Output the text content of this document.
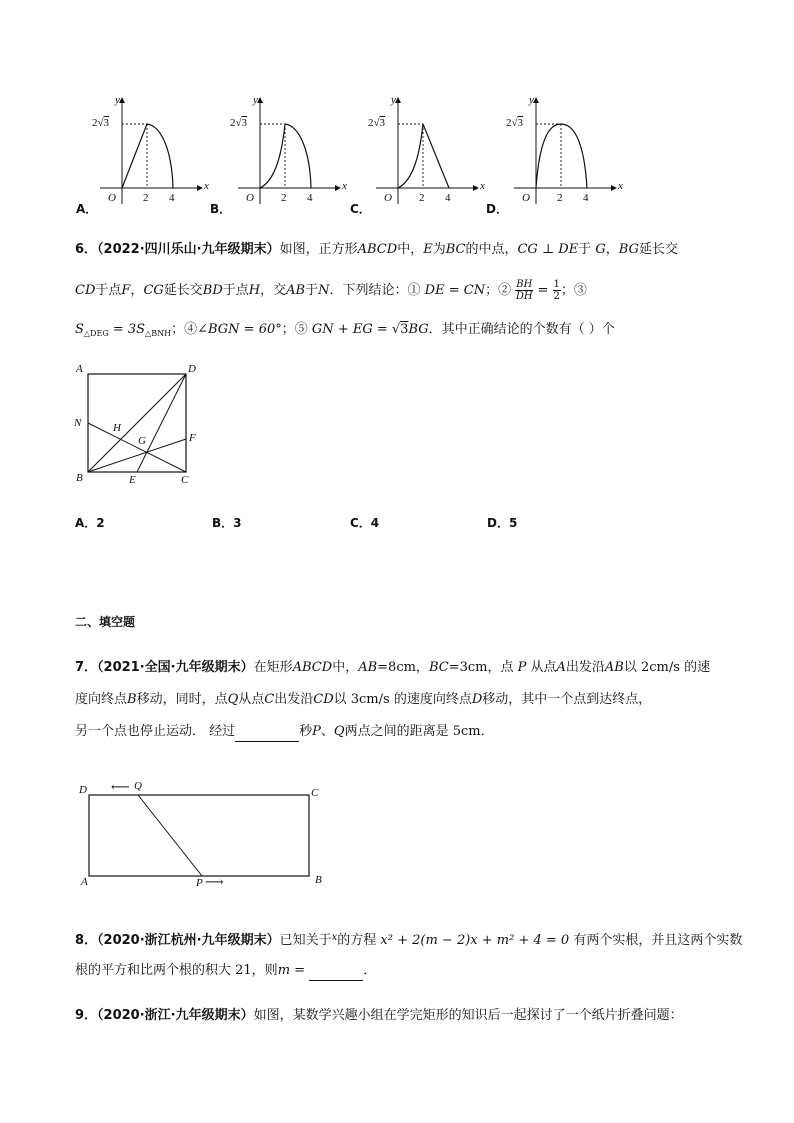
y
x
O 2 4
2√3
A．
y
x
O 2 4
2√3
B．
y
x
O 2 4
2√3
C．
y
x
O 2 4
2√3
D．
6．（2022·四川乐山·九年级期末）如图，正方形ABCD中，E为BC的中点，CG ⊥ DE于 G，BG延长交
CD于点F，CG延长交BD于点H，交AB于N．下列结论：① DE = CN；② $\frac{BH}{DH} = \frac{1}{2}$ ；③
$S_{\triangle DEG} = 3S_{\triangle BNH}$；④∠BGN = 60°；⑤ GN + EG = √3BG．其中正确结论的个数有（ ）个
A	D
N	H
G	F
B	E	C
A．2	B．3	C．4	D．5
二、填空题
7．（2021·全国·九年级期末）在矩形ABCD中，AB=8cm，BC=3cm，点 P 从点A出发沿AB以 2cm/s 的速
度向终点B移动，同时，点Q从点C出发沿CD以 3cm/s 的速度向终点D移动，其中一个点到达终点，
另一个点也停止运动． 经过	秒P、Q两点之间的距离是 5cm．
D ⟵ Q
C
A	P ⟶	B
8．（2020·浙江杭州·九年级期末）已知关于$^x$的方程 x² + 2(m − 2)x + m² + 4 = 0 有两个实根，并且这两个实数
根的平方和比两个根的积大 21，则m =	．
9．（2020·浙江·九年级期末）如图，某数学兴趣小组在学完矩形的知识后一起探讨了一个纸片折叠问题：
